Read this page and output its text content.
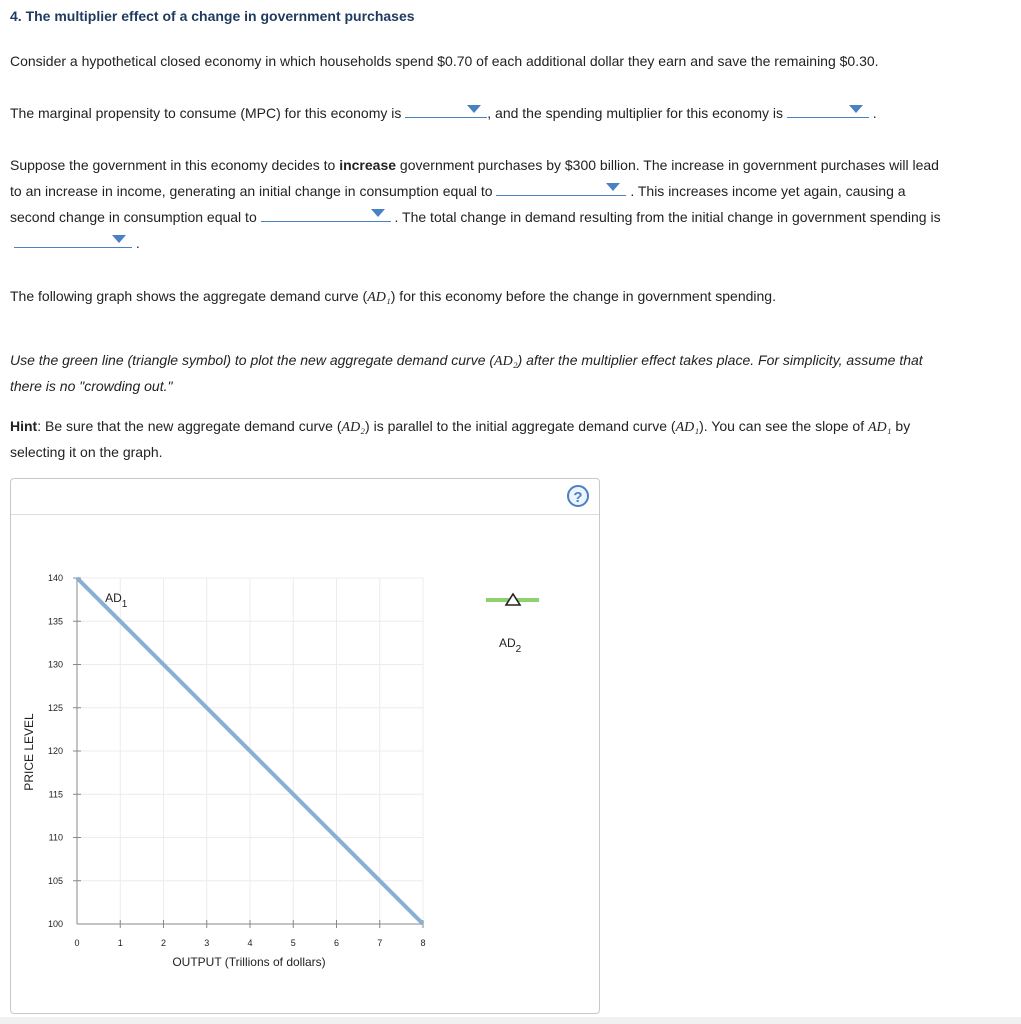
4. The multiplier effect of a change in government purchases
Consider a hypothetical closed economy in which households spend $0.70 of each additional dollar they earn and save the remaining $0.30.
The marginal propensity to consume (MPC) for this economy is	, and the spending multiplier for this economy is	.
Suppose the government in this economy decides to increase government purchases by $300 billion. The increase in government purchases will lead
to an increase in income, generating an initial change in consumption equal to	. This increases income yet again, causing a
second change in consumption equal to	. The total change in demand resulting from the initial change in government spending is
.
The following graph shows the aggregate demand curve (AD₁) for this economy before the change in government spending.
Use the green line (triangle symbol) to plot the new aggregate demand curve (AD₂) after the multiplier effect takes place. For simplicity, assume that
there is no "crowding out."
Hint: Be sure that the new aggregate demand curve (AD₂) is parallel to the initial aggregate demand curve (AD₁). You can see the slope of AD₁ by
selecting it on the graph.
?
0	1	2	3	4	5	6	7	8
100
105
110
115
120
125
130
135
140
OUTPUT (Trillions of dollars)
PRICE LEVEL
$AD_1$
$AD_2$
